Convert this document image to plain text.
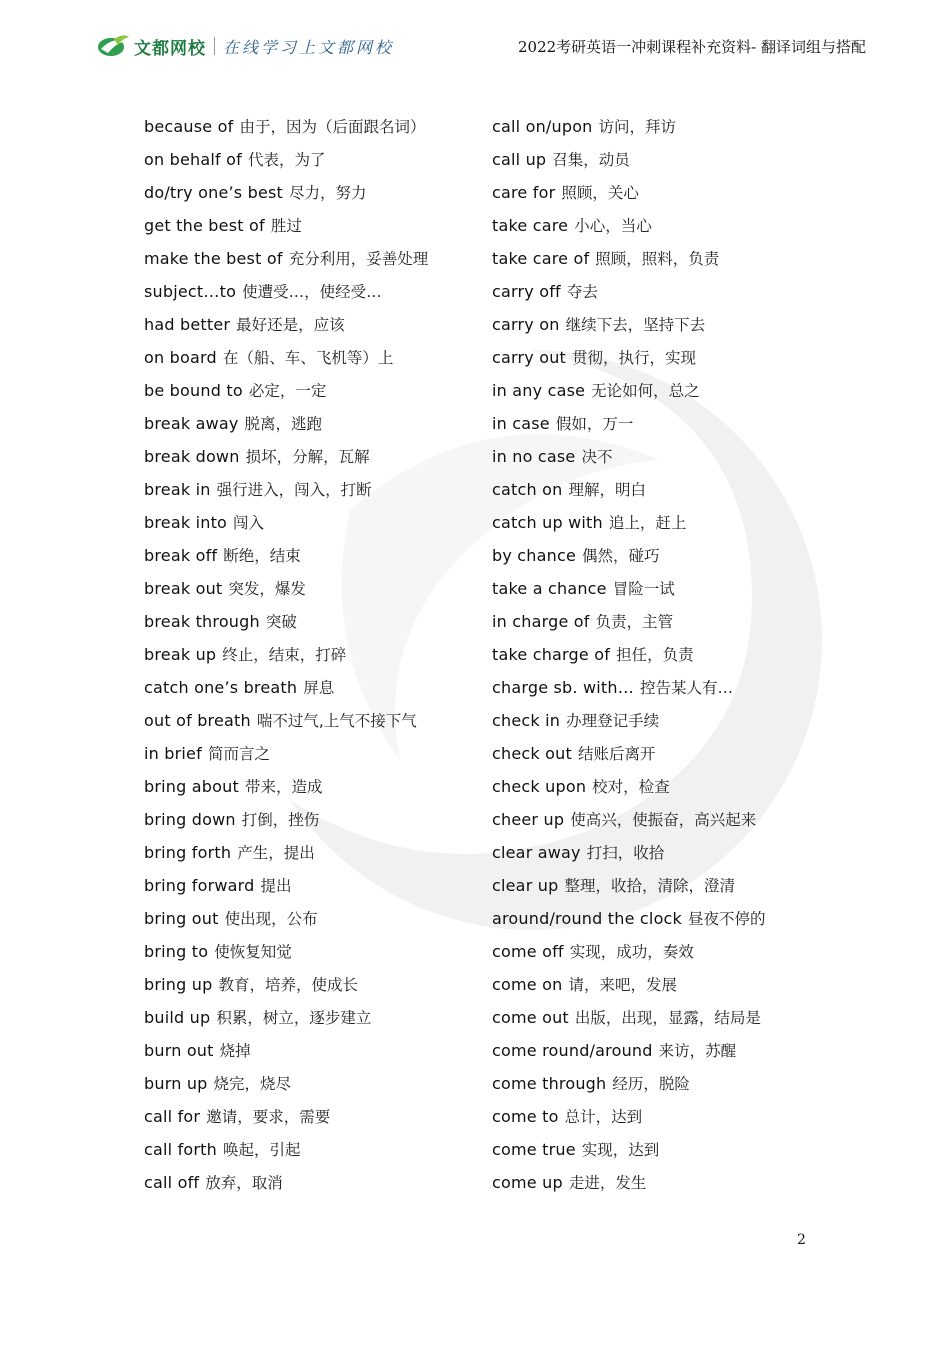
文都网校 在线学习上文都网校	2022考研英语一冲刺课程补充资料- 翻译词组与搭配
because of 由于，因为（后面跟名词）
on behalf of 代表，为了
do/try one’s best 尽力，努力
get the best of 胜过
make the best of 充分利用，妥善处理
subject…to 使遭受…，使经受…
had better 最好还是，应该
on board 在（船、车、飞机等）上
be bound to 必定，一定
break away 脱离，逃跑
break down 损坏，分解，瓦解
break in 强行进入，闯入，打断
break into 闯入
break off 断绝，结束
break out 突发，爆发
break through 突破
break up 终止，结束，打碎
catch one’s breath 屏息
out of breath 喘不过气,上气不接下气
in brief 简而言之
bring about 带来，造成
bring down 打倒，挫伤
bring forth 产生，提出
bring forward 提出
bring out 使出现，公布
bring to 使恢复知觉
bring up 教育，培养，使成长
build up 积累，树立，逐步建立
burn out 烧掉
burn up 烧完，烧尽
call for 邀请，要求，需要
call forth 唤起，引起
call off 放弃，取消
call on/upon 访问，拜访
call up 召集，动员
care for 照顾，关心
take care 小心，当心
take care of 照顾，照料，负责
carry off 夺去
carry on 继续下去，坚持下去
carry out 贯彻，执行，实现
in any case 无论如何，总之
in case 假如，万一
in no case 决不
catch on 理解，明白
catch up with 追上，赶上
by chance 偶然，碰巧
take a chance 冒险一试
in charge of 负责，主管
take charge of 担任，负责
charge sb. with… 控告某人有…
check in 办理登记手续
check out 结账后离开
check upon 校对，检查
cheer up 使高兴，使振奋，高兴起来
clear away 打扫，收拾
clear up 整理，收拾，清除，澄清
around/round the clock 昼夜不停的
come off 实现，成功，奏效
come on 请，来吧，发展
come out 出版，出现，显露，结局是
come round/around 来访，苏醒
come through 经历，脱险
come to 总计，达到
come true 实现，达到
come up 走进，发生
2
